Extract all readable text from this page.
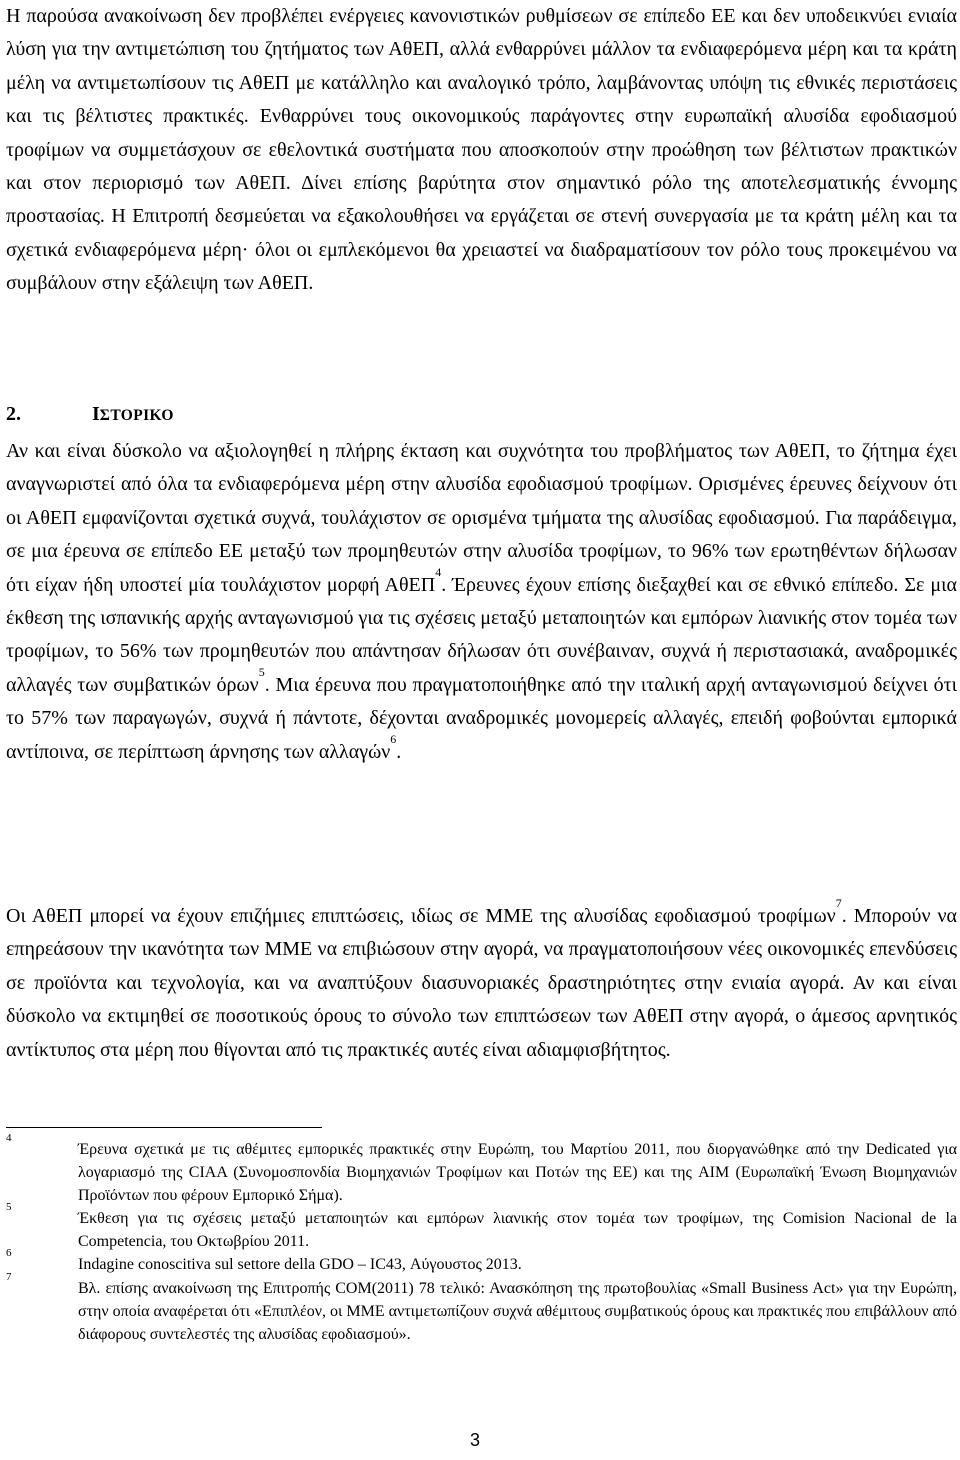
Η παρούσα ανακοίνωση δεν προβλέπει ενέργειες κανονιστικών ρυθμίσεων σε επίπεδο ΕΕ και δεν υποδεικνύει ενιαία λύση για την αντιμετώπιση του ζητήματος των ΑθΕΠ, αλλά ενθαρρύνει μάλλον τα ενδιαφερόμενα μέρη και τα κράτη μέλη να αντιμετωπίσουν τις ΑθΕΠ με κατάλληλο και αναλογικό τρόπο, λαμβάνοντας υπόψη τις εθνικές περιστάσεις και τις βέλτιστες πρακτικές. Ενθαρρύνει τους οικονομικούς παράγοντες στην ευρωπαϊκή αλυσίδα εφοδιασμού τροφίμων να συμμετάσχουν σε εθελοντικά συστήματα που αποσκοπούν στην προώθηση των βέλτιστων πρακτικών και στον περιορισμό των ΑθΕΠ. Δίνει επίσης βαρύτητα στον σημαντικό ρόλο της αποτελεσματικής έννομης προστασίας. Η Επιτροπή δεσμεύεται να εξακολουθήσει να εργάζεται σε στενή συνεργασία με τα κράτη μέλη και τα σχετικά ενδιαφερόμενα μέρη· όλοι οι εμπλεκόμενοι θα χρειαστεί να διαδραματίσουν τον ρόλο τους προκειμένου να συμβάλουν στην εξάλειψη των ΑθΕΠ.

2.	ΙΣΤΟΡΙΚΟ

Αν και είναι δύσκολο να αξιολογηθεί η πλήρης έκταση και συχνότητα του προβλήματος των ΑθΕΠ, το ζήτημα έχει αναγνωριστεί από όλα τα ενδιαφερόμενα μέρη στην αλυσίδα εφοδιασμού τροφίμων. Ορισμένες έρευνες δείχνουν ότι οι ΑθΕΠ εμφανίζονται σχετικά συχνά, τουλάχιστον σε ορισμένα τμήματα της αλυσίδας εφοδιασμού. Για παράδειγμα, σε μια έρευνα σε επίπεδο ΕΕ μεταξύ των προμηθευτών στην αλυσίδα τροφίμων, το 96% των ερωτηθέντων δήλωσαν ότι είχαν ήδη υποστεί μία τουλάχιστον μορφή ΑθΕΠ$^4$. Έρευνες έχουν επίσης διεξαχθεί και σε εθνικό επίπεδο. Σε μια έκθεση της ισπανικής αρχής ανταγωνισμού για τις σχέσεις μεταξύ μεταποιητών και εμπόρων λιανικής στον τομέα των τροφίμων, το 56% των προμηθευτών που απάντησαν δήλωσαν ότι συνέβαιναν, συχνά ή περιστασιακά, αναδρομικές αλλαγές των συμβατικών όρων$^5$. Μια έρευνα που πραγματοποιήθηκε από την ιταλική αρχή ανταγωνισμού δείχνει ότι το 57% των παραγωγών, συχνά ή πάντοτε, δέχονται αναδρομικές μονομερείς αλλαγές, επειδή φοβούνται εμπορικά αντίποινα, σε περίπτωση άρνησης των αλλαγών$^6$.

Οι ΑθΕΠ μπορεί να έχουν επιζήμιες επιπτώσεις, ιδίως σε ΜΜΕ της αλυσίδας εφοδιασμού τροφίμων$^7$. Μπορούν να επηρεάσουν την ικανότητα των ΜΜΕ να επιβιώσουν στην αγορά, να πραγματοποιήσουν νέες οικονομικές επενδύσεις σε προϊόντα και τεχνολογία, και να αναπτύξουν διασυνοριακές δραστηριότητες στην ενιαία αγορά. Αν και είναι δύσκολο να εκτιμηθεί σε ποσοτικούς όρους το σύνολο των επιπτώσεων των ΑθΕΠ στην αγορά, ο άμεσος αρνητικός αντίκτυπος στα μέρη που θίγονται από τις πρακτικές αυτές είναι αδιαμφισβήτητος.

4
Έρευνα σχετικά με τις αθέμιτες εμπορικές πρακτικές στην Ευρώπη, του Μαρτίου 2011, που διοργανώθηκε από την Dedicated για λογαριασμό της CIAA (Συνομοσπονδία Βιομηχανιών Τροφίμων και Ποτών της ΕΕ) και της AIM (Ευρωπαϊκή Ένωση Βιομηχανιών Προϊόντων που φέρουν Εμπορικό Σήμα).

5
Έκθεση για τις σχέσεις μεταξύ μεταποιητών και εμπόρων λιανικής στον τομέα των τροφίμων, της Comision Nacional de la Competencia, του Οκτωβρίου 2011.

6
Indagine conoscitiva sul settore della GDO – IC43, Αύγουστος 2013.

7
Βλ. επίσης ανακοίνωση της Επιτροπής COM(2011) 78 τελικό: Ανασκόπηση της πρωτοβουλίας «Small Business Act» για την Ευρώπη, στην οποία αναφέρεται ότι «Επιπλέον, οι ΜΜΕ αντιμετωπίζουν συχνά αθέμιτους συμβατικούς όρους και πρακτικές που επιβάλλουν από διάφορους συντελεστές της αλυσίδας εφοδιασμού».

3
